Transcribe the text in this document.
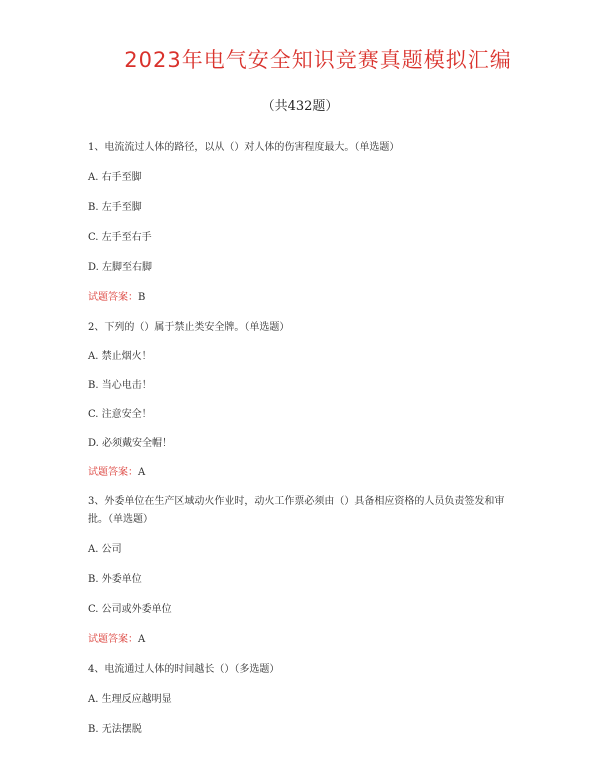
2023年电气安全知识竞赛真题模拟汇编
（共432题）
1、电流流过人体的路径，以从（）对人体的伤害程度最大。（单选题）
A. 右手至脚
B. 左手至脚
C. 左手至右手
D. 左脚至右脚
试题答案：B
2、下列的（）属于禁止类安全牌。（单选题）
A. 禁止烟火！
B. 当心电击！
C. 注意安全！
D. 必须戴安全帽！
试题答案：A
3、外委单位在生产区域动火作业时，动火工作票必须由（）具备相应资格的人员负责签发和审
批。（单选题）
A. 公司
B. 外委单位
C. 公司或外委单位
试题答案：A
4、电流通过人体的时间越长（）（多选题）
A. 生理反应越明显
B. 无法摆脱
